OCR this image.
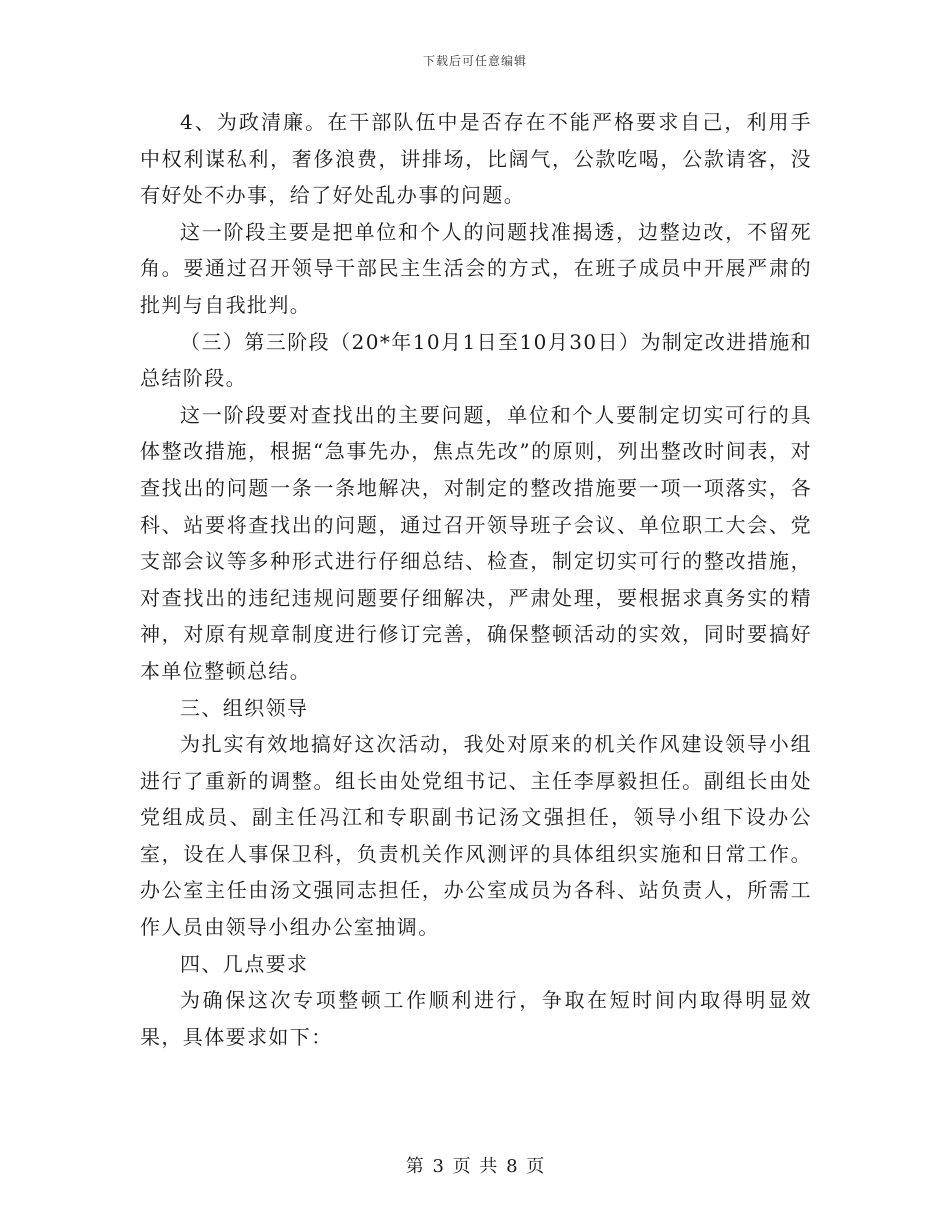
下载后可任意编辑

4、为政清廉。在干部队伍中是否存在不能严格要求自己，利用手中权利谋私利，奢侈浪费，讲排场，比阔气，公款吃喝，公款请客，没有好处不办事，给了好处乱办事的问题。

这一阶段主要是把单位和个人的问题找准揭透，边整边改，不留死角。要通过召开领导干部民主生活会的方式，在班子成员中开展严肃的批判与自我批判。

（三）第三阶段（20*年10月1日至10月30日）为制定改进措施和总结阶段。

这一阶段要对查找出的主要问题，单位和个人要制定切实可行的具体整改措施，根据“急事先办，焦点先改”的原则，列出整改时间表，对查找出的问题一条一条地解决，对制定的整改措施要一项一项落实，各科、站要将查找出的问题，通过召开领导班子会议、单位职工大会、党支部会议等多种形式进行仔细总结、检查，制定切实可行的整改措施，对查找出的违纪违规问题要仔细解决，严肃处理，要根据求真务实的精神，对原有规章制度进行修订完善，确保整顿活动的实效，同时要搞好本单位整顿总结。

三、组织领导

为扎实有效地搞好这次活动，我处对原来的机关作风建设领导小组进行了重新的调整。组长由处党组书记、主任李厚毅担任。副组长由处党组成员、副主任冯江和专职副书记汤文强担任，领导小组下设办公室，设在人事保卫科，负责机关作风测评的具体组织实施和日常工作。办公室主任由汤文强同志担任，办公室成员为各科、站负责人，所需工作人员由领导小组办公室抽调。

四、几点要求

为确保这次专项整顿工作顺利进行，争取在短时间内取得明显效果，具体要求如下：

第 3 页 共 8 页
